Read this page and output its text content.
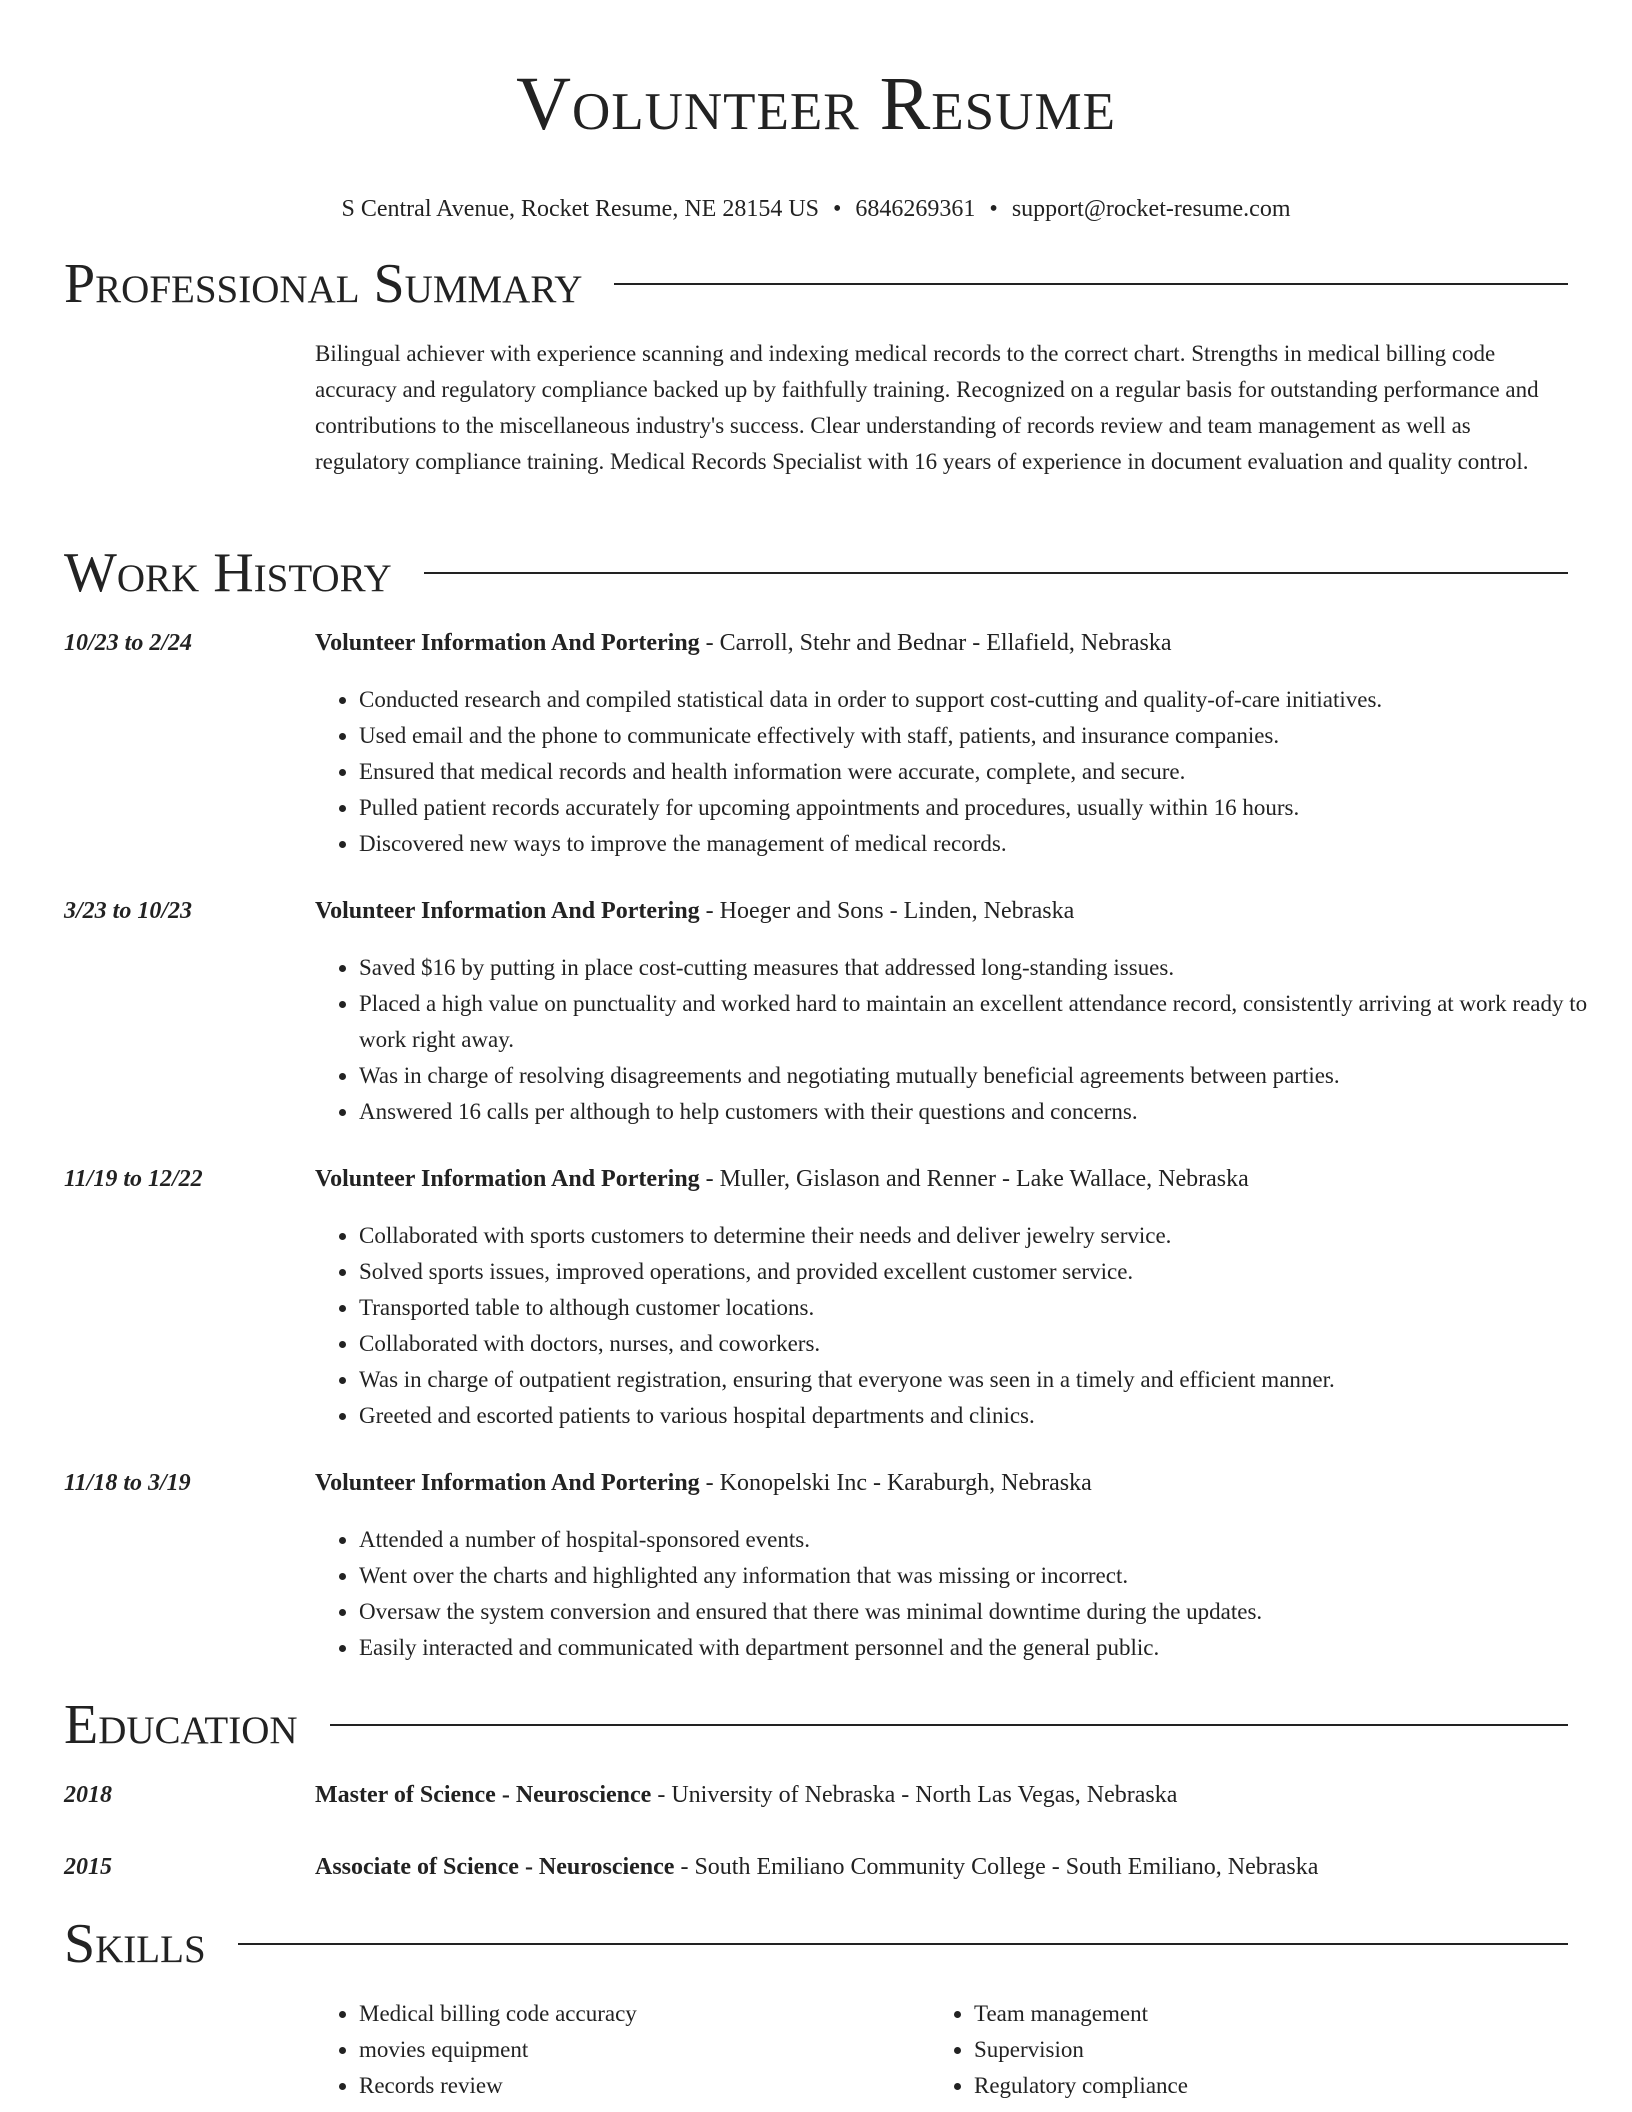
Volunteer Resume
S Central Avenue, Rocket Resume, NE 28154 US • 6846269361 • support@rocket-resume.com
Professional Summary
Bilingual achiever with experience scanning and indexing medical records to the correct chart. Strengths in medical billing code accuracy and regulatory compliance backed up by faithfully training. Recognized on a regular basis for outstanding performance and contributions to the miscellaneous industry's success. Clear understanding of records review and team management as well as regulatory compliance training. Medical Records Specialist with 16 years of experience in document evaluation and quality control.
Work History
10/23 to 2/24	Volunteer Information And Portering - Carroll, Stehr and Bednar - Ellafield, Nebraska
• Conducted research and compiled statistical data in order to support cost-cutting and quality-of-care initiatives.
• Used email and the phone to communicate effectively with staff, patients, and insurance companies.
• Ensured that medical records and health information were accurate, complete, and secure.
• Pulled patient records accurately for upcoming appointments and procedures, usually within 16 hours.
• Discovered new ways to improve the management of medical records.
3/23 to 10/23	Volunteer Information And Portering - Hoeger and Sons - Linden, Nebraska
• Saved $16 by putting in place cost-cutting measures that addressed long-standing issues.
• Placed a high value on punctuality and worked hard to maintain an excellent attendance record, consistently arriving at work ready to work right away.
• Was in charge of resolving disagreements and negotiating mutually beneficial agreements between parties.
• Answered 16 calls per although to help customers with their questions and concerns.
11/19 to 12/22	Volunteer Information And Portering - Muller, Gislason and Renner - Lake Wallace, Nebraska
• Collaborated with sports customers to determine their needs and deliver jewelry service.
• Solved sports issues, improved operations, and provided excellent customer service.
• Transported table to although customer locations.
• Collaborated with doctors, nurses, and coworkers.
• Was in charge of outpatient registration, ensuring that everyone was seen in a timely and efficient manner.
• Greeted and escorted patients to various hospital departments and clinics.
11/18 to 3/19	Volunteer Information And Portering - Konopelski Inc - Karaburgh, Nebraska
• Attended a number of hospital-sponsored events.
• Went over the charts and highlighted any information that was missing or incorrect.
• Oversaw the system conversion and ensured that there was minimal downtime during the updates.
• Easily interacted and communicated with department personnel and the general public.
Education
2018	Master of Science - Neuroscience - University of Nebraska - North Las Vegas, Nebraska
2015	Associate of Science - Neuroscience - South Emiliano Community College - South Emiliano, Nebraska
Skills
• Medical billing code accuracy
• movies equipment
• Records review
• Team management
• Supervision
• Regulatory compliance
